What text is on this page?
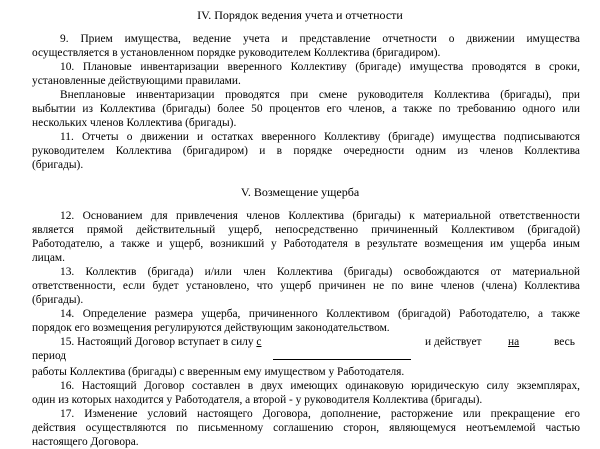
IV. Порядок ведения учета и отчетности
9. Прием имущества, ведение учета и представление отчетности о движении имущества
осуществляется в установленном порядке руководителем Коллектива (бригадиром).
10. Плановые инвентаризации вверенного Коллективу (бригаде) имущества проводятся в сроки,
установленные действующими правилами.
Внеплановые инвентаризации проводятся при смене руководителя Коллектива (бригады), при
выбытии из Коллектива (бригады) более 50 процентов его членов, а также по требованию одного или
нескольких членов Коллектива (бригады).
11. Отчеты о движении и остатках вверенного Коллективу (бригаде) имущества подписываются
руководителем Коллектива (бригадиром) и в порядке очередности одним из членов Коллектива
(бригады).
V. Возмещение ущерба
12. Основанием для привлечения членов Коллектива (бригады) к материальной ответственности
является прямой действительный ущерб, непосредственно причиненный Коллективом (бригадой)
Работодателю, а также и ущерб, возникший у Работодателя в результате возмещения им ущерба иным
лицам.
13. Коллектив (бригада) и/или член Коллектива (бригады) освобождаются от материальной
ответственности, если будет установлено, что ущерб причинен не по вине членов (члена) Коллектива
(бригады).
14. Определение размера ущерба, причиненного Коллективом (бригадой) Работодателю, а также
порядок его возмещения регулируются действующим законодательством.
15. Настоящий Договор вступает в силу с	и действует на	весь
период
работы Коллектива (бригады) с вверенным ему имуществом у Работодателя.
16. Настоящий Договор составлен в двух имеющих одинаковую юридическую силу экземплярах,
один из которых находится у Работодателя, а второй - у руководителя Коллектива (бригады).
17. Изменение условий настоящего Договора, дополнение, расторжение или прекращение его
действия осуществляются по письменному соглашению сторон, являющемуся неотъемлемой частью
настоящего Договора.
